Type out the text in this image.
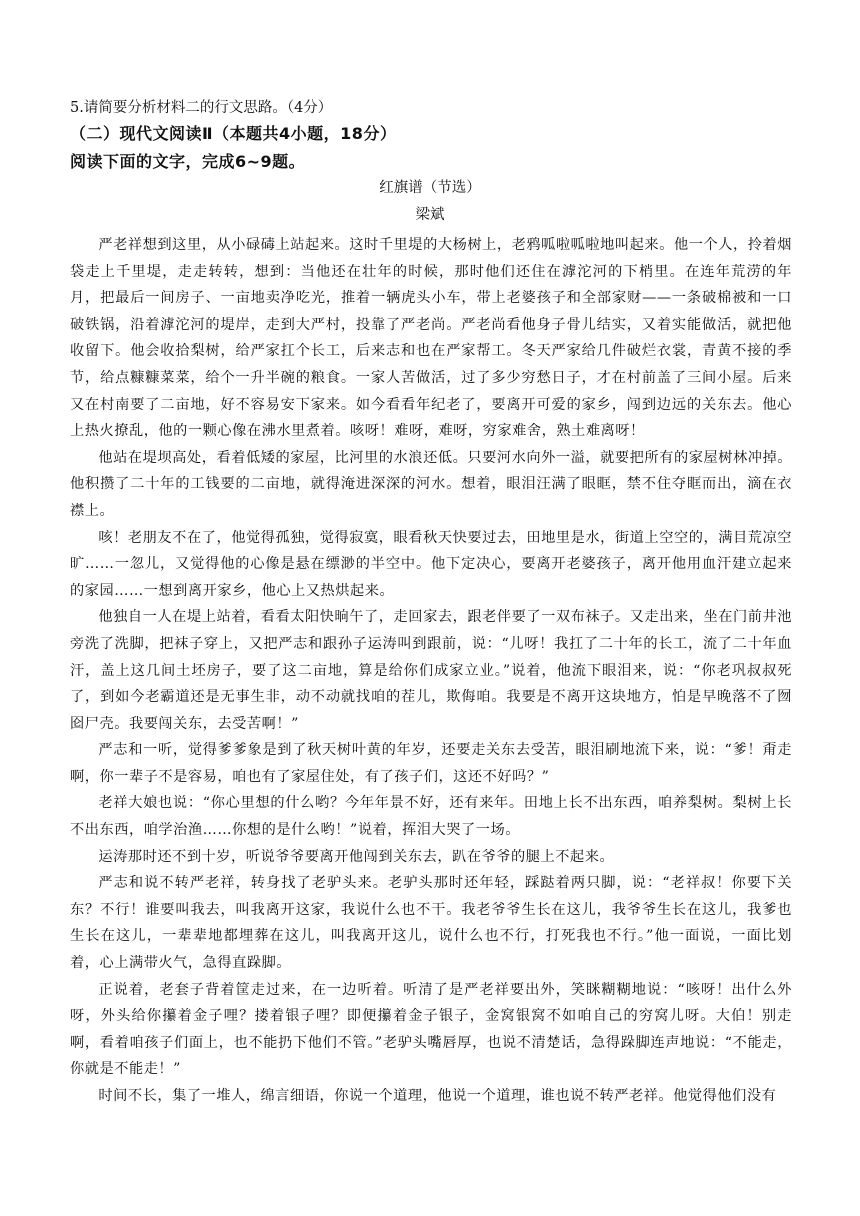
5.请简要分析材料二的行文思路。（4分）
（二）现代文阅读Ⅱ（本题共4小题，18分）
阅读下面的文字，完成6~9题。
红旗谱（节选）
梁斌

严老祥想到这里，从小碌碡上站起来。这时千里堤的大杨树上，老鸦呱啦呱啦地叫起来。他一个人，拎着烟袋走上千里堤，走走转转，想到：当他还在壮年的时候，那时他们还住在滹沱河的下梢里。在连年荒涝的年月，把最后一间房子、一亩地卖净吃光，推着一辆虎头小车，带上老婆孩子和全部家财——一条破棉被和一口破铁锅，沿着滹沱河的堤岸，走到大严村，投靠了严老尚。严老尚看他身子骨儿结实，又着实能做活，就把他收留下。他会收拾梨树，给严家扛个长工，后来志和也在严家帮工。冬天严家给几件破烂衣裳，青黄不接的季节，给点糠糠菜菜，给个一升半碗的粮食。一家人苦做活，过了多少穷愁日子，才在村前盖了三间小屋。后来又在村南要了二亩地，好不容易安下家来。如今看看年纪老了，要离开可爱的家乡，闯到边远的关东去。他心上热火撩乱，他的一颗心像在沸水里煮着。咳呀！难呀，难呀，穷家难舍，熟土难离呀！

他站在堤坝高处，看着低矮的家屋，比河里的水浪还低。只要河水向外一溢，就要把所有的家屋树林冲掉。他积攒了二十年的工钱要的二亩地，就得淹进深深的河水。想着，眼泪汪满了眼眶，禁不住夺眶而出，滴在衣襟上。

咳！老朋友不在了，他觉得孤独，觉得寂寞，眼看秋天快要过去，田地里是水，街道上空空的，满目荒凉空旷……一忽儿，又觉得他的心像是悬在缥渺的半空中。他下定决心，要离开老婆孩子，离开他用血汗建立起来的家园……一想到离开家乡，他心上又热烘起来。

他独自一人在堤上站着，看看太阳快晌午了，走回家去，跟老伴要了一双布袜子。又走出来，坐在门前井池旁洗了洗脚，把袜子穿上，又把严志和跟孙子运涛叫到跟前，说：“儿呀！我扛了二十年的长工，流了二十年血汗，盖上这几间土坯房子，要了这二亩地，算是给你们成家立业。”说着，他流下眼泪来，说：“你老巩叔叔死了，到如今老霸道还是无事生非，动不动就找咱的茬儿，欺侮咱。我要是不离开这块地方，怕是早晚落不了囫囵尸壳。我要闯关东，去受苦啊！”

严志和一听，觉得爹爹象是到了秋天树叶黄的年岁，还要走关东去受苦，眼泪刷地流下来，说：“爹！甭走啊，你一辈子不是容易，咱也有了家屋住处，有了孩子们，这还不好吗？”

老祥大娘也说：“你心里想的什么哟？今年年景不好，还有来年。田地上长不出东西，咱养梨树。梨树上长不出东西，咱学治渔……你想的是什么哟！”说着，挥泪大哭了一场。

运涛那时还不到十岁，听说爷爷要离开他闯到关东去，趴在爷爷的腿上不起来。

严志和说不转严老祥，转身找了老驴头来。老驴头那时还年轻，踩跶着两只脚，说：“老祥叔！你要下关东？不行！谁要叫我去，叫我离开这家，我说什么也不干。我老爷爷生长在这儿，我爷爷生长在这儿，我爹也生长在这儿，一辈辈地都埋葬在这儿，叫我离开这儿，说什么也不行，打死我也不行。”他一面说，一面比划着，心上满带火气，急得直跺脚。

正说着，老套子背着筐走过来，在一边听着。听清了是严老祥要出外，笑眯糊糊地说：“咳呀！出什么外呀，外头给你攥着金子哩？搂着银子哩？即便攥着金子银子，金窝银窝不如咱自己的穷窝儿呀。大伯！别走啊，看着咱孩子们面上，也不能扔下他们不管。”老驴头嘴唇厚，也说不清楚话，急得跺脚连声地说：“不能走，你就是不能走！”

时间不长，集了一堆人，绵言细语，你说一个道理，他说一个道理，谁也说不转严老祥。他觉得他们没有
